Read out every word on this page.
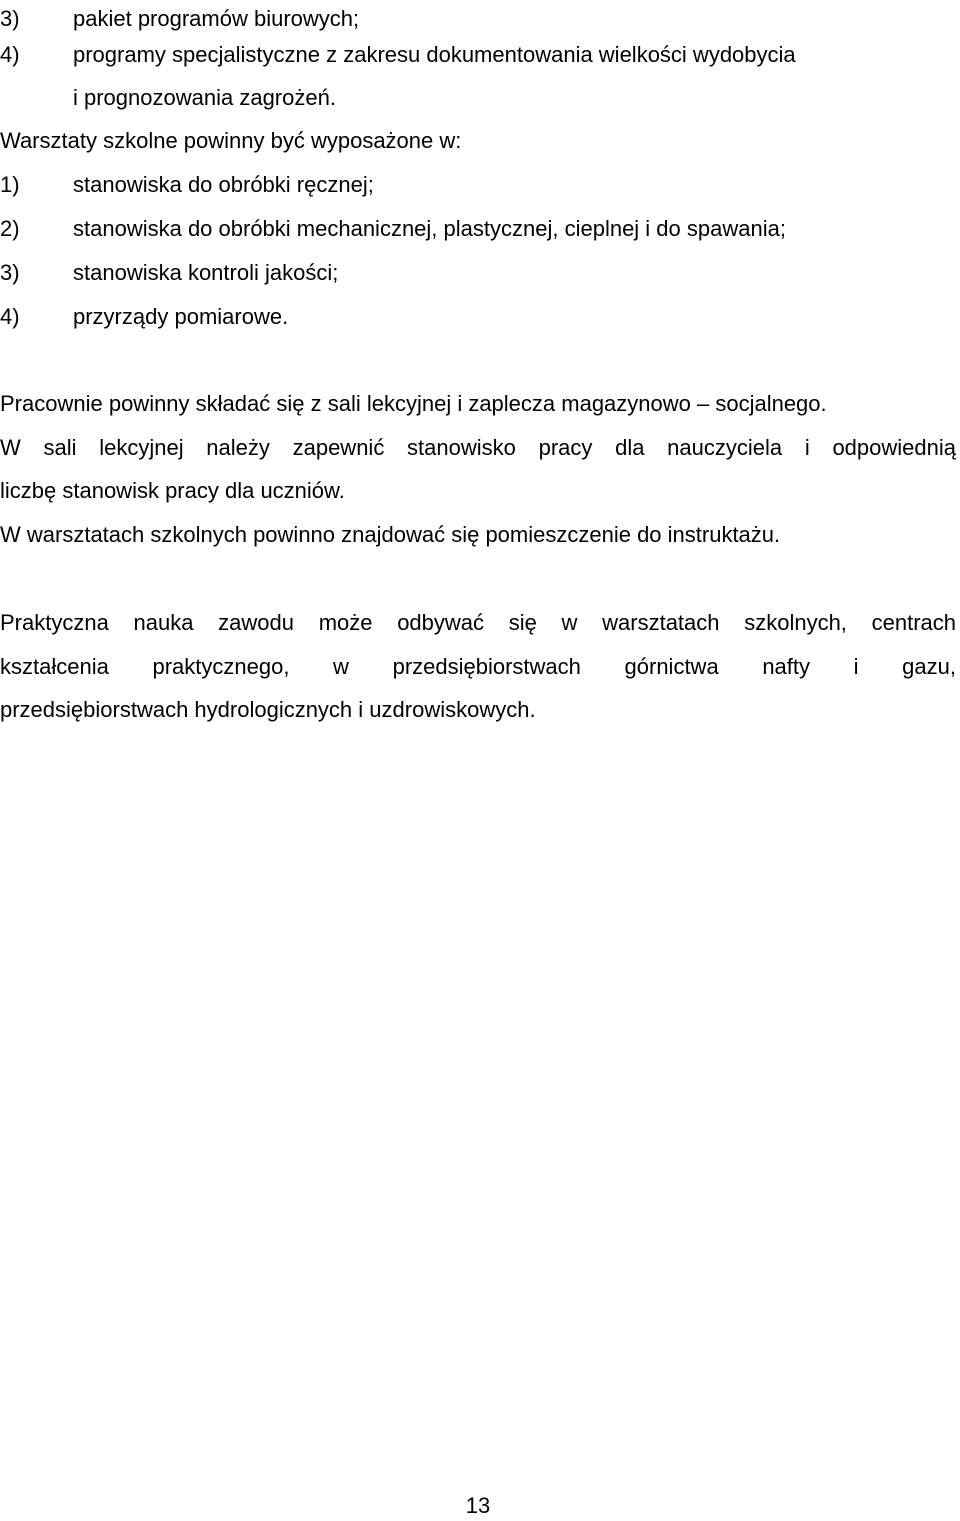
3) pakiet programów biurowych;
4) programy specjalistyczne z zakresu dokumentowania wielkości wydobycia
i prognozowania zagrożeń.
Warsztaty szkolne powinny być wyposażone w:
1) stanowiska do obróbki ręcznej;
2) stanowiska do obróbki mechanicznej, plastycznej, cieplnej i do spawania;
3) stanowiska kontroli jakości;
4) przyrządy pomiarowe.
Pracownie powinny składać się z sali lekcyjnej i zaplecza magazynowo – socjalnego.
W sali lekcyjnej należy zapewnić stanowisko pracy dla nauczyciela i odpowiednią
liczbę stanowisk pracy dla uczniów.
W warsztatach szkolnych powinno znajdować się pomieszczenie do instruktażu.
Praktyczna nauka zawodu może odbywać się w warsztatach szkolnych, centrach
kształcenia praktycznego, w przedsiębiorstwach górnictwa nafty i gazu,
przedsiębiorstwach hydrologicznych i uzdrowiskowych.
13
